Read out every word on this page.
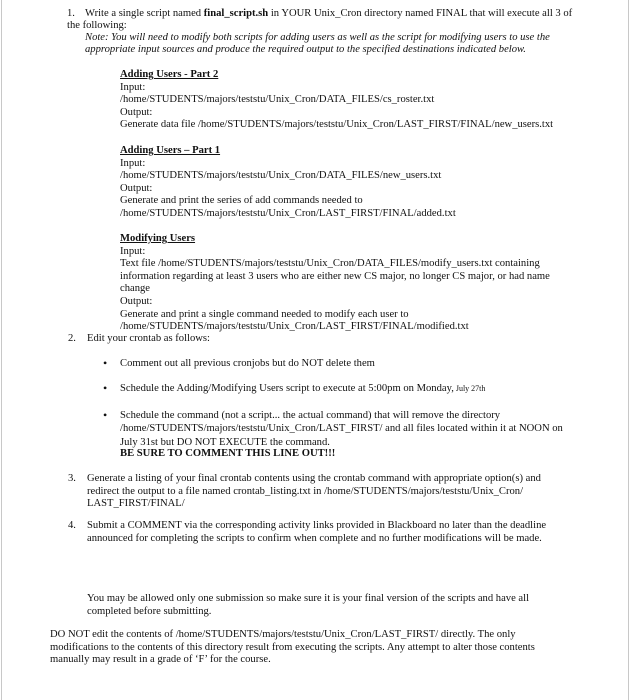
1. Write a single script named final_script.sh in YOUR Unix_Cron directory named FINAL that will execute all 3 of
the following:
Note: You will need to modify both scripts for adding users as well as the script for modifying users to use the
appropriate input sources and produce the required output to the specified destinations indicated below.
Adding Users - Part 2
Input:
/home/STUDENTS/majors/teststu/Unix_Cron/DATA_FILES/cs_roster.txt
Output:
Generate data file /home/STUDENTS/majors/teststu/Unix_Cron/LAST_FIRST/FINAL/new_users.txt
Adding Users – Part 1
Input:
/home/STUDENTS/majors/teststu/Unix_Cron/DATA_FILES/new_users.txt
Output:
Generate and print the series of add commands needed to
/home/STUDENTS/majors/teststu/Unix_Cron/LAST_FIRST/FINAL/added.txt
Modifying Users
Input:
Text file /home/STUDENTS/majors/teststu/Unix_Cron/DATA_FILES/modify_users.txt containing
information regarding at least 3 users who are either new CS major, no longer CS major, or had name
change
Output:
Generate and print a single command needed to modify each user to
/home/STUDENTS/majors/teststu/Unix_Cron/LAST_FIRST/FINAL/modified.txt
2.	Edit your crontab as follows:
• Comment out all previous cronjobs but do NOT delete them
• Schedule the Adding/Modifying Users script to execute at 5:00pm on Monday, July 27th
• Schedule the command (not a script... the actual command) that will remove the directory
/home/STUDENTS/majors/teststu/Unix_Cron/LAST_FIRST/ and all files located within it at NOON on
July 31st but DO NOT EXECUTE the command.
BE SURE TO COMMENT THIS LINE OUT!!!
3.	Generate a listing of your final crontab contents using the crontab command with appropriate option(s) and
redirect the output to a file named crontab_listing.txt in /home/STUDENTS/majors/teststu/Unix_Cron/
LAST_FIRST/FINAL/
4.	Submit a COMMENT via the corresponding activity links provided in Blackboard no later than the deadline
announced for completing the scripts to confirm when complete and no further modifications will be made.
You may be allowed only one submission so make sure it is your final version of the scripts and have all
completed before submitting.
DO NOT edit the contents of /home/STUDENTS/majors/teststu/Unix_Cron/LAST_FIRST/ directly. The only
modifications to the contents of this directory result from executing the scripts. Any attempt to alter those contents
manually may result in a grade of ‘F’ for the course.
